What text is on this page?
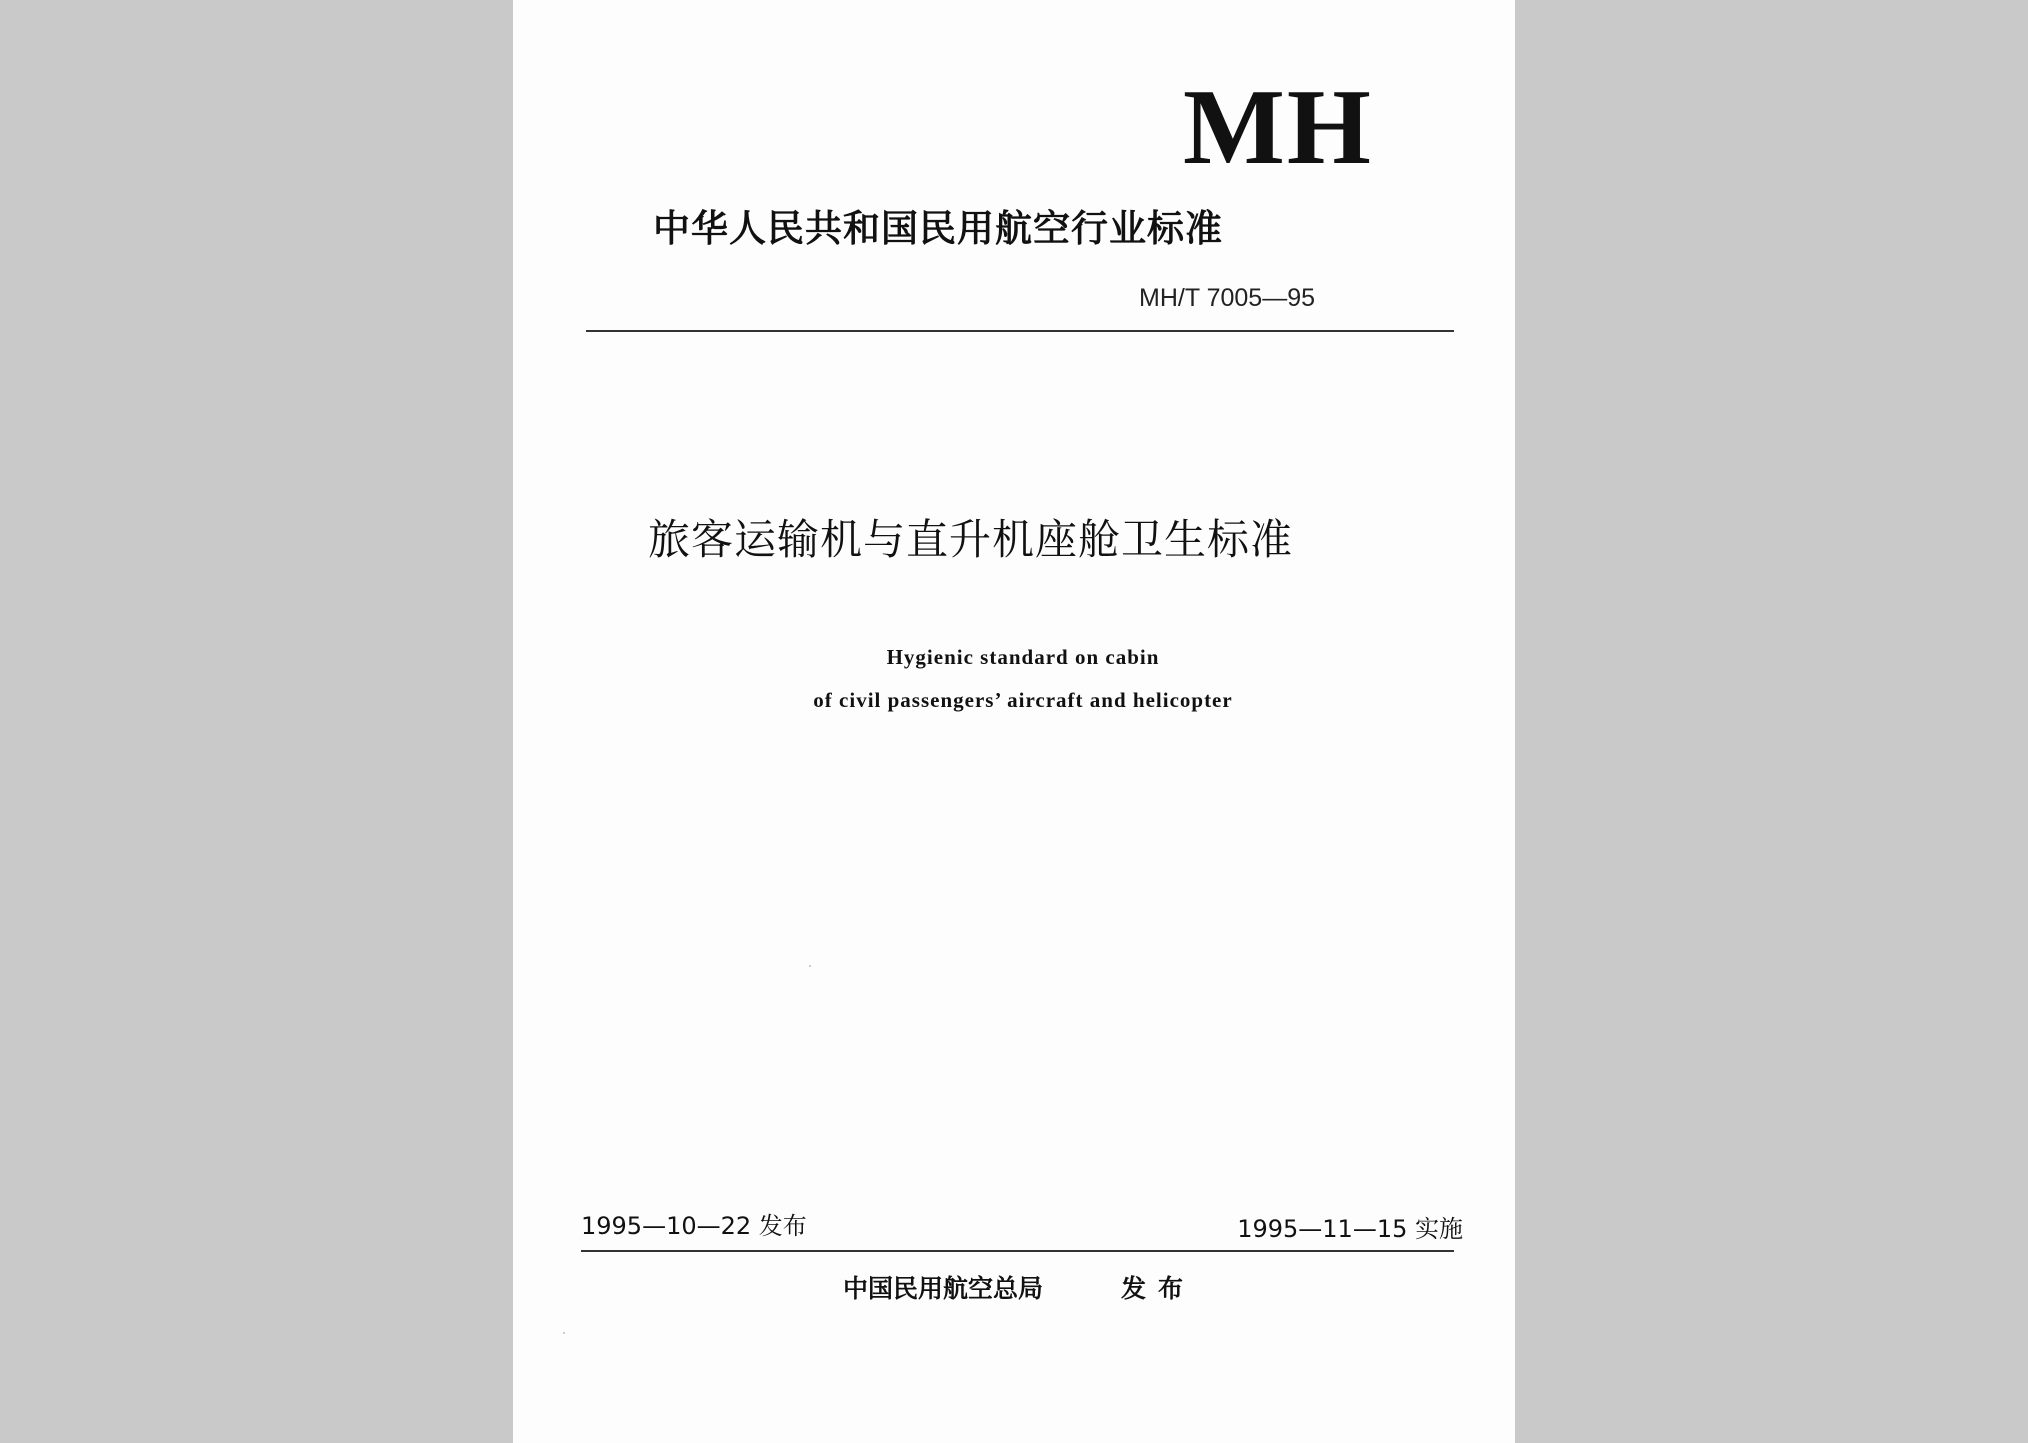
MH
中华人民共和国民用航空行业标准
MH/T 7005—95
旅客运输机与直升机座舱卫生标准
Hygienic standard on cabin
of civil passengers’ aircraft and helicopter
1995—10—22 发布	1995—11—15 实施
中国民用航空总局	发布
